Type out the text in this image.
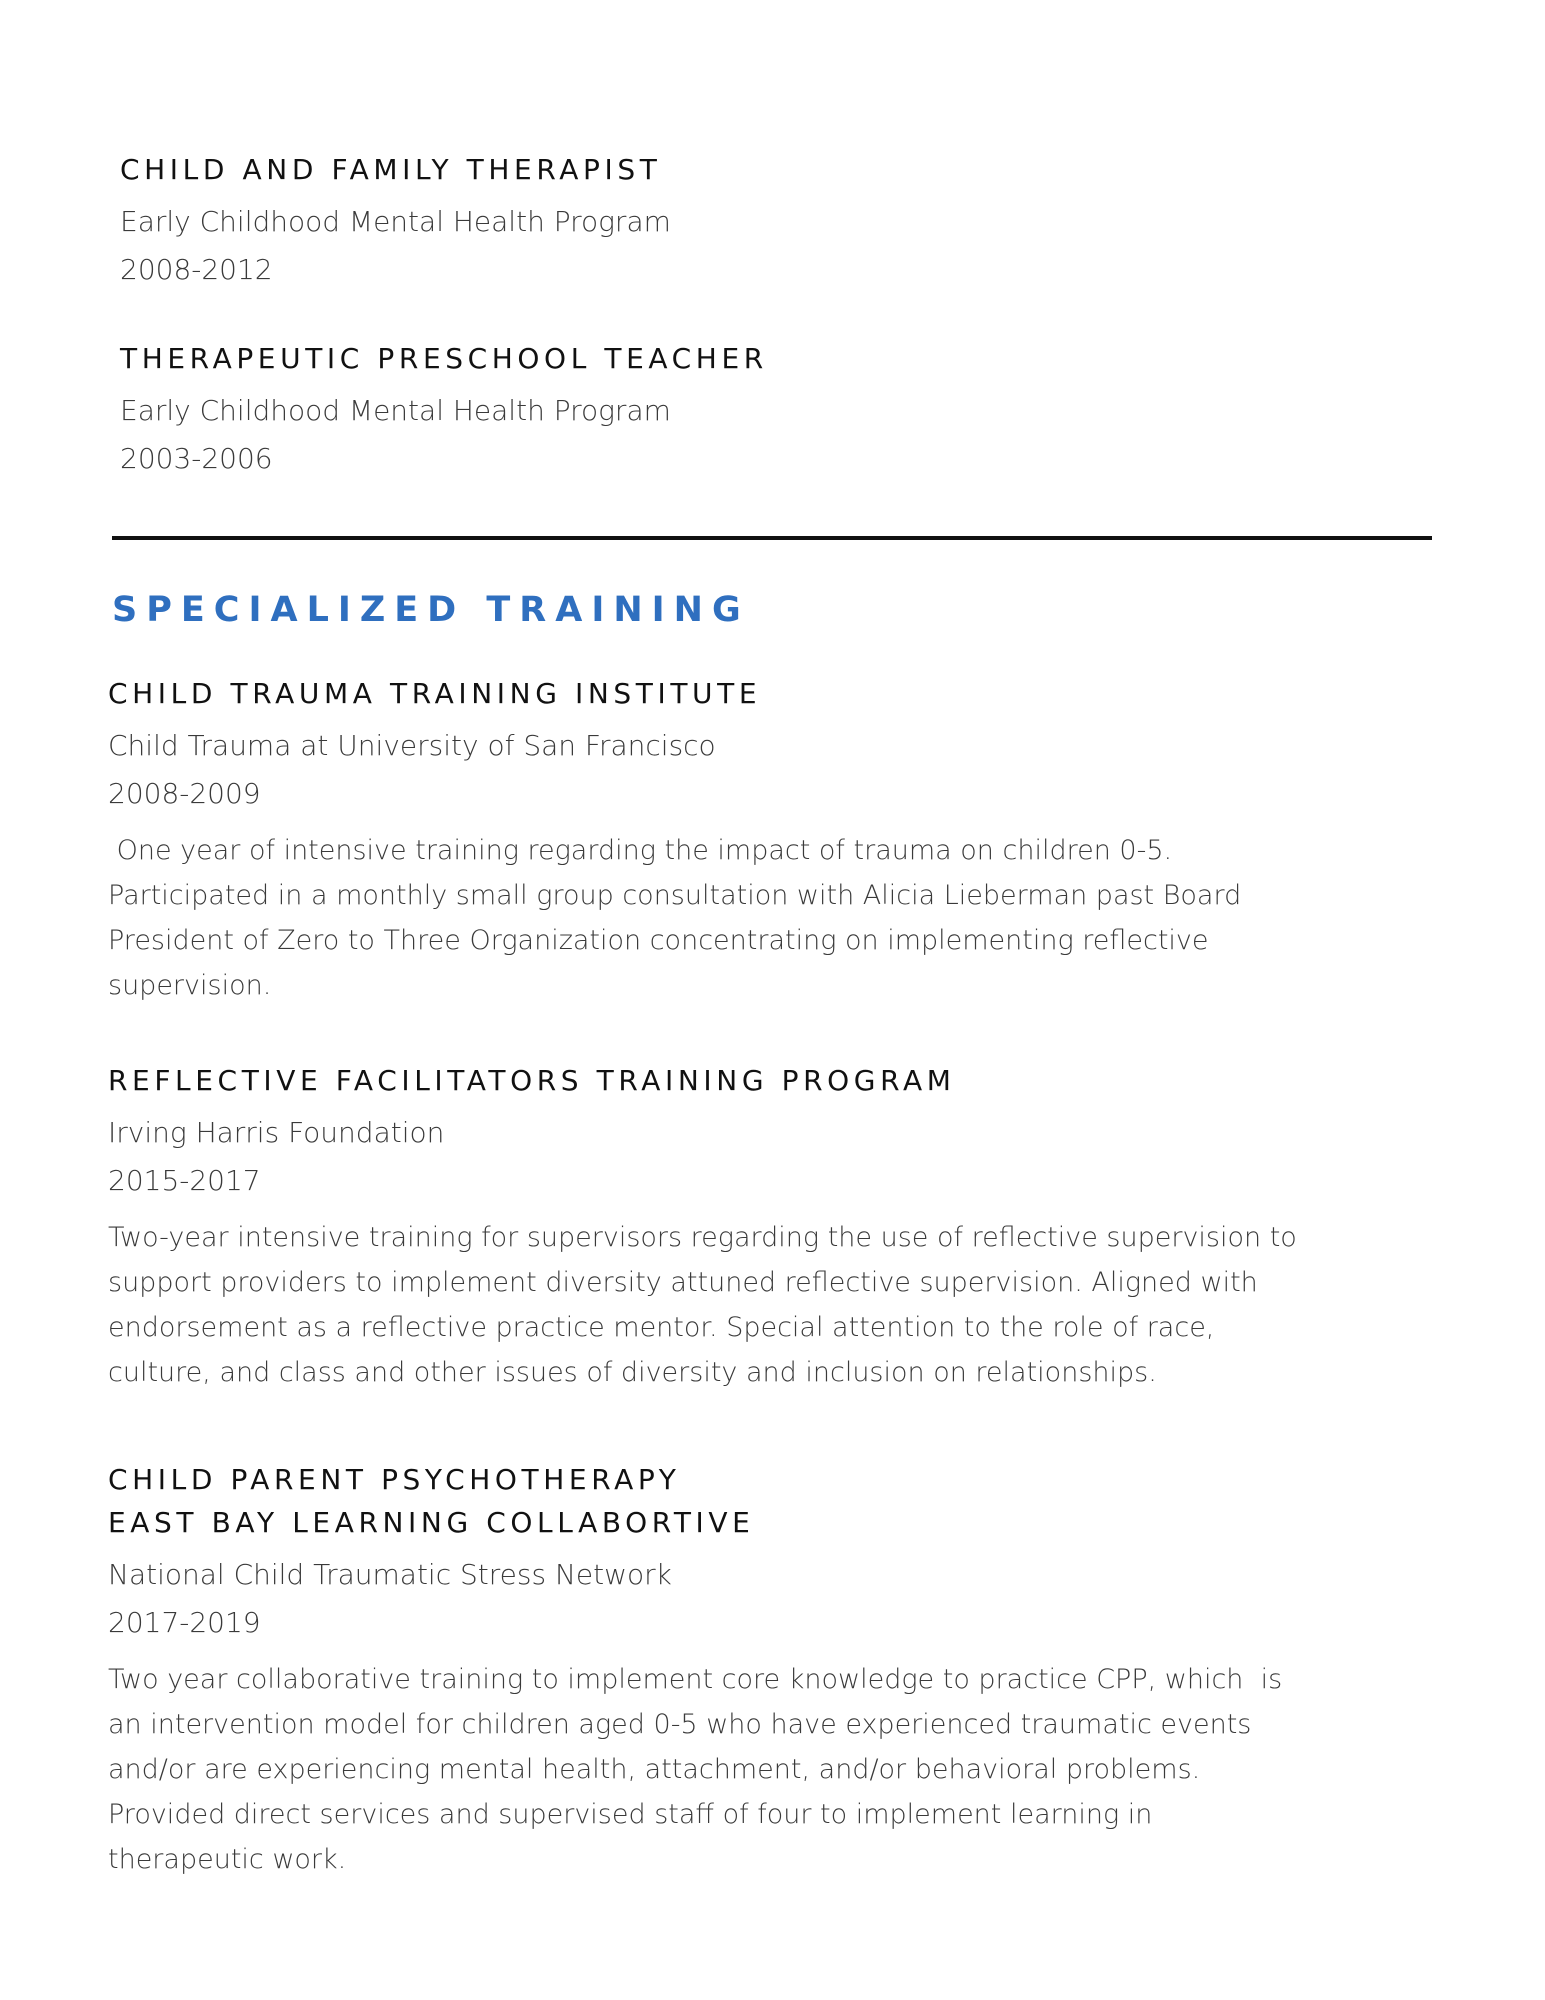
CHILD AND FAMILY THERAPIST

Early Childhood Mental Health Program

2008-2012

THERAPEUTIC PRESCHOOL TEACHER

Early Childhood Mental Health Program

2003-2006

SPECIALIZED TRAINING

CHILD TRAUMA TRAINING INSTITUTE

Child Trauma at University of San Francisco

2008-2009

One year of intensive training regarding the impact of trauma on children 0-5.

Participated in a monthly small group consultation with Alicia Lieberman past Board

President of Zero to Three Organization concentrating on implementing reflective

supervision.

REFLECTIVE FACILITATORS TRAINING PROGRAM

Irving Harris Foundation

2015-2017

Two-year intensive training for supervisors regarding the use of reflective supervision to

support providers to implement diversity attuned reflective supervision. Aligned with

endorsement as a reflective practice mentor. Special attention to the role of race,

culture, and class and other issues of diversity and inclusion on relationships.

CHILD PARENT PSYCHOTHERAPY

EAST BAY LEARNING COLLABORTIVE

National Child Traumatic Stress Network

2017-2019

Two year collaborative training to implement core knowledge to practice CPP, which  is

an intervention model for children aged 0-5 who have experienced traumatic events

and/or are experiencing mental health, attachment, and/or behavioral problems.

Provided direct services and supervised staff of four to implement learning in

therapeutic work.
